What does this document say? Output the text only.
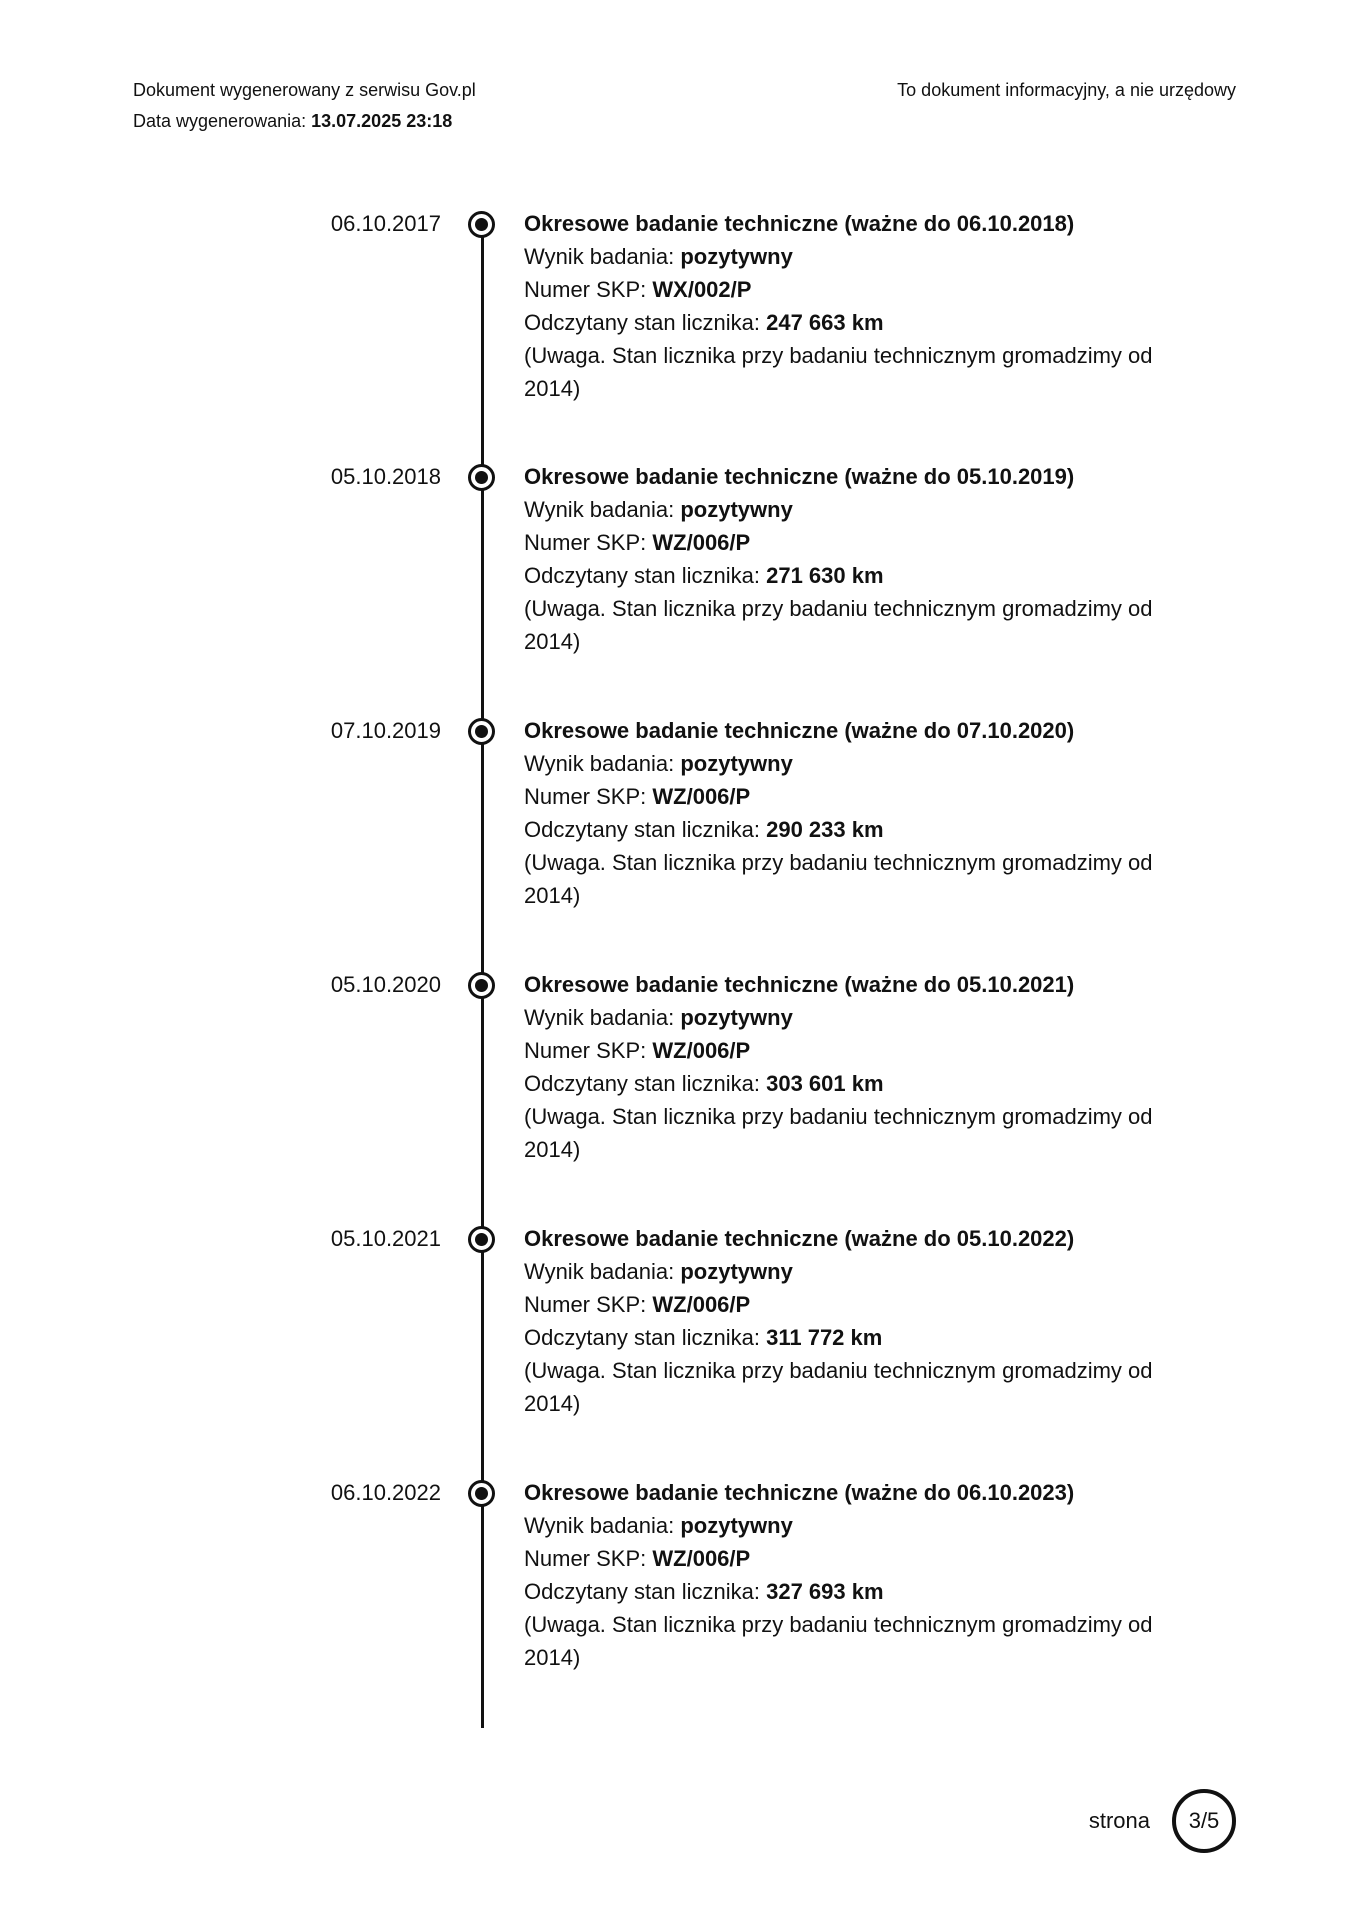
Dokument wygenerowany z serwisu Gov.pl
Data wygenerowania: 13.07.2025 23:18
To dokument informacyjny, a nie urzędowy
06.10.2017	Okresowe badanie techniczne (ważne do 06.10.2018)
Wynik badania: pozytywny
Numer SKP: WX/002/P
Odczytany stan licznika: 247 663 km
(Uwaga. Stan licznika przy badaniu technicznym gromadzimy od 2014)
05.10.2018	Okresowe badanie techniczne (ważne do 05.10.2019)
Wynik badania: pozytywny
Numer SKP: WZ/006/P
Odczytany stan licznika: 271 630 km
(Uwaga. Stan licznika przy badaniu technicznym gromadzimy od 2014)
07.10.2019	Okresowe badanie techniczne (ważne do 07.10.2020)
Wynik badania: pozytywny
Numer SKP: WZ/006/P
Odczytany stan licznika: 290 233 km
(Uwaga. Stan licznika przy badaniu technicznym gromadzimy od 2014)
05.10.2020	Okresowe badanie techniczne (ważne do 05.10.2021)
Wynik badania: pozytywny
Numer SKP: WZ/006/P
Odczytany stan licznika: 303 601 km
(Uwaga. Stan licznika przy badaniu technicznym gromadzimy od 2014)
05.10.2021	Okresowe badanie techniczne (ważne do 05.10.2022)
Wynik badania: pozytywny
Numer SKP: WZ/006/P
Odczytany stan licznika: 311 772 km
(Uwaga. Stan licznika przy badaniu technicznym gromadzimy od 2014)
06.10.2022	Okresowe badanie techniczne (ważne do 06.10.2023)
Wynik badania: pozytywny
Numer SKP: WZ/006/P
Odczytany stan licznika: 327 693 km
(Uwaga. Stan licznika przy badaniu technicznym gromadzimy od 2014)
strona	3/5
